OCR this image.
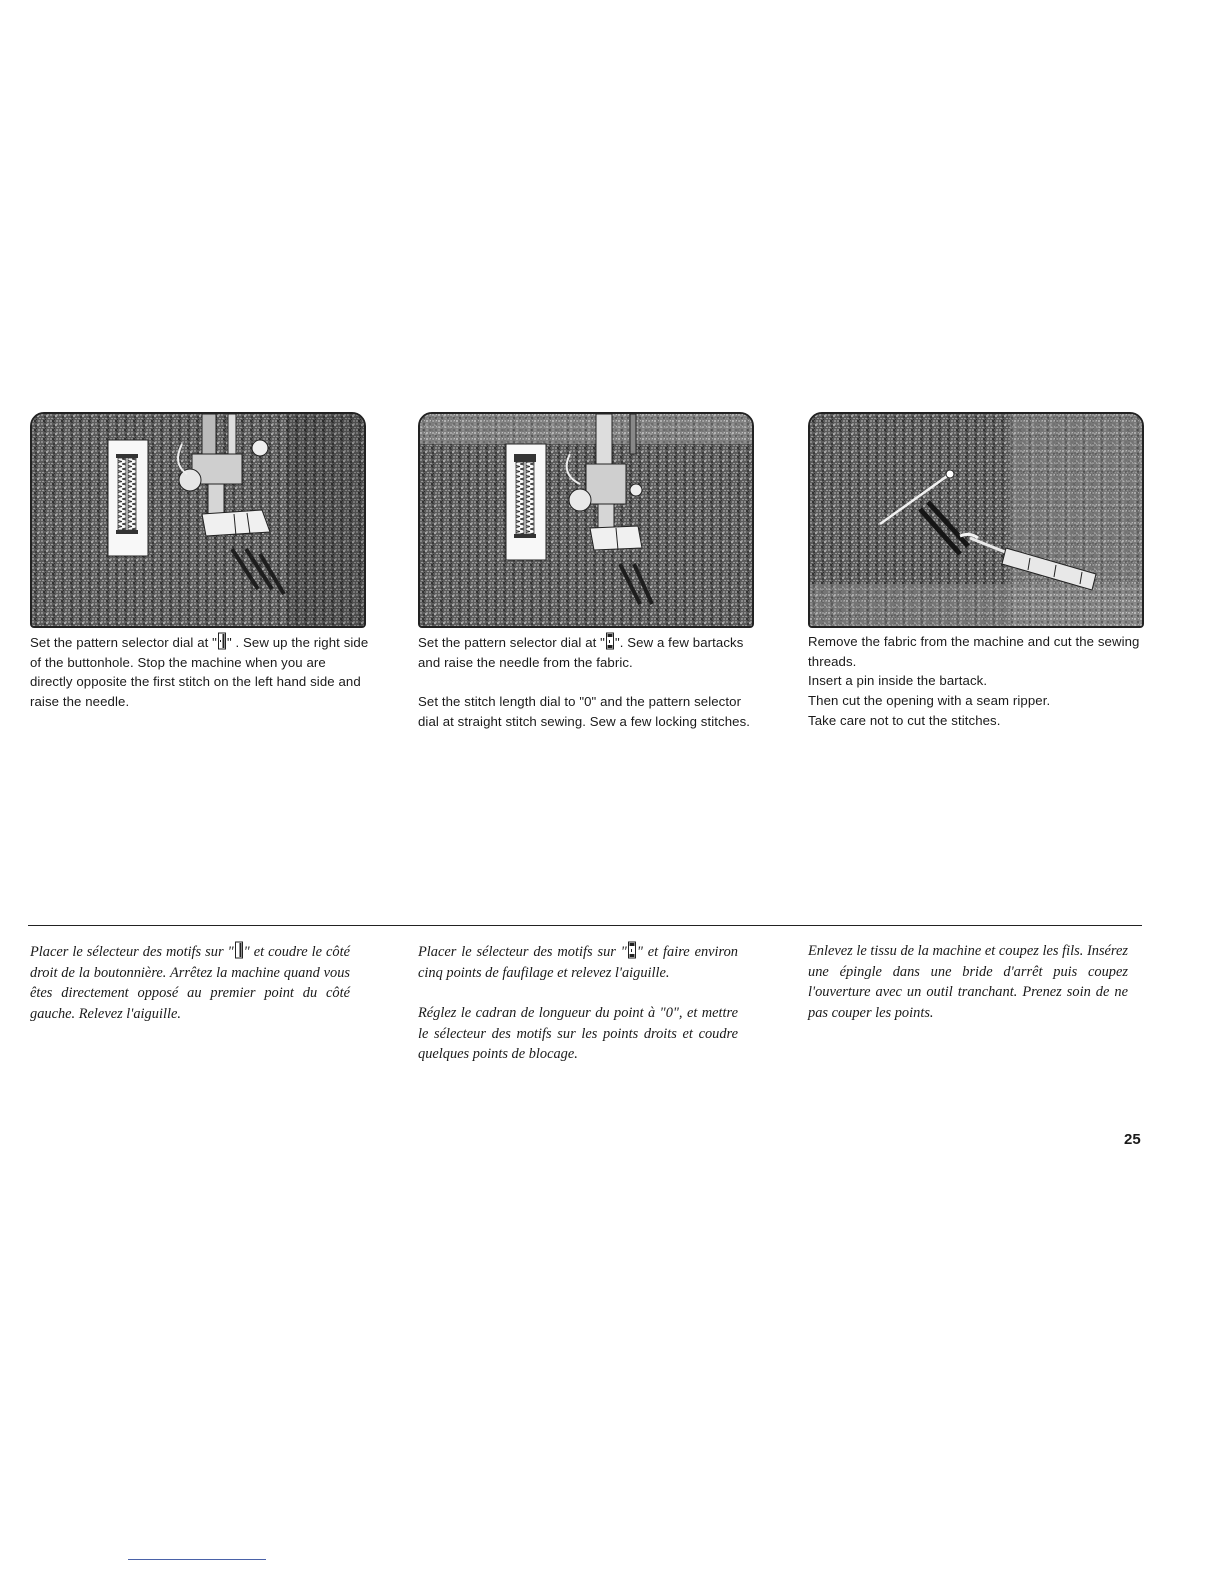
Set the pattern selector dial at " " . Sew up the right side of the buttonhole. Stop the machine when you are directly opposite the first stitch on the left hand side and raise the needle.

Placer le sélecteur des motifs sur " " et coudre le côté droit de la boutonnière. Arrêtez la machine quand vous êtes directement opposé au premier point du côté gauche. Relevez l'aiguille.

Set the pattern selector dial at " ". Sew a few bartacks and raise the needle from the fabric.

Set the stitch length dial to "0" and the pattern selector dial at straight stitch sewing. Sew a few locking stitches.

Placer le sélecteur des motifs sur " " et faire environ cinq points de faufilage et relevez l'aiguille.

Réglez le cadran de longueur du point à "0", et mettre le sélecteur des motifs sur les points droits et coudre quelques points de blocage.

Remove the fabric from the machine and cut the sewing threads.

Insert a pin inside the bartack.

Then cut the opening with a seam ripper.

Take care not to cut the stitches.

Enlevez le tissu de la machine et coupez les fils. Insérez une épingle dans une bride d'arrêt puis coupez l'ouverture avec un outil tranchant. Prenez soin de ne pas couper les points.

25
